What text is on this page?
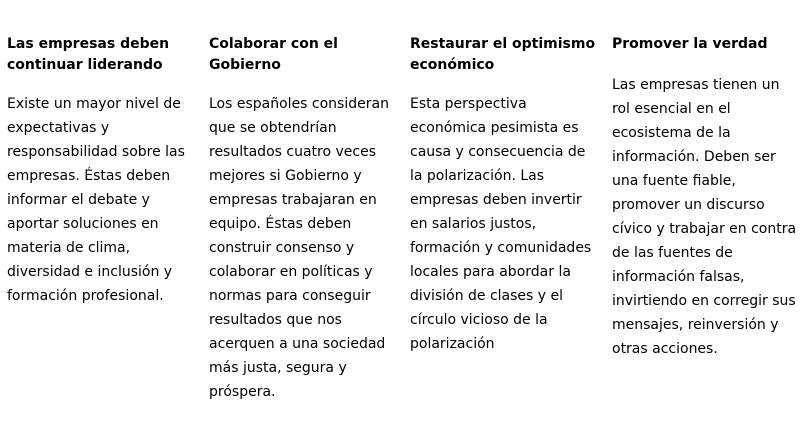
Las empresas deben continuar liderando

Existe un mayor nivel de expectativas y responsabilidad sobre las empresas. Éstas deben informar el debate y aportar soluciones en materia de clima, diversidad e inclusión y formación profesional.

Colaborar con el Gobierno

Los españoles consideran que se obtendrían resultados cuatro veces mejores si Gobierno y empresas trabajaran en equipo. Éstas deben construir consenso y colaborar en políticas y normas para conseguir resultados que nos acerquen a una sociedad más justa, segura y próspera.

Restaurar el optimismo económico

Esta perspectiva económica pesimista es causa y consecuencia de la polarización. Las empresas deben invertir en salarios justos, formación y comunidades locales para abordar la división de clases y el círculo vicioso de la polarización

Promover la verdad

Las empresas tienen un rol esencial en el ecosistema de la información. Deben ser una fuente fiable, promover un discurso cívico y trabajar en contra de las fuentes de información falsas, invirtiendo en corregir sus mensajes, reinversión y otras acciones.
